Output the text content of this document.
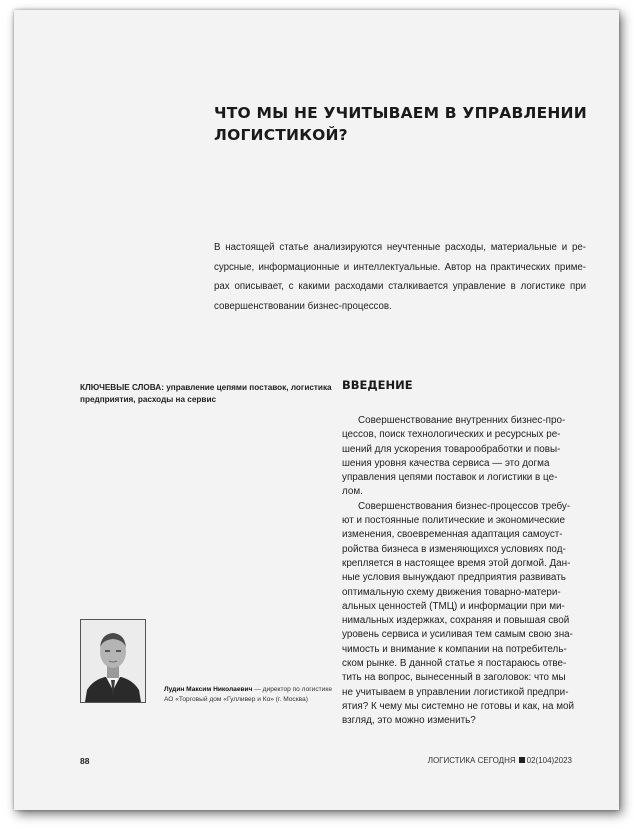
ЧТО МЫ НЕ УЧИТЫВАЕМ В УПРАВЛЕНИИ
ЛОГИСТИКОЙ?
В настоящей статье анализируются неучтенные расходы, материальные и ре-
сурсные, информационные и интеллектуальные. Автор на практических приме-
рах описывает, с какими расходами сталкивается управление в логистике при
совершенствовании бизнес-процессов.
КЛЮЧЕВЫЕ СЛОВА: управление цепями поставок, логистика
предприятия, расходы на сервис
ВВЕДЕНИЕ
Совершенствование внутренних бизнес-про-
цессов, поиск технологических и ресурсных ре-
шений для ускорения товарообработки и повы-
шения уровня качества сервиса — это догма
управления цепями поставок и логистики в це-
лом.
Совершенствования бизнес-процессов требу-
ют и постоянные политические и экономические
изменения, своевременная адаптация самоуст-
ройства бизнеса в изменяющихся условиях под-
крепляется в настоящее время этой догмой. Дан-
ные условия вынуждают предприятия развивать
оптимальную схему движения товарно-матери-
альных ценностей (ТМЦ) и информации при ми-
нимальных издержках, сохраняя и повышая свой
уровень сервиса и усиливая тем самым свою зна-
чимость и внимание к компании на потребитель-
ском рынке. В данной статье я постараюсь отве-
тить на вопрос, вынесенный в заголовок: что мы
не учитываем в управлении логистикой предпри-
ятия? К чему мы системно не готовы и как, на мой
взгляд, это можно изменить?
Лудин Максим Николаевич — директор по логистике
АО «Торговый дом «Гулливер и Ко» (г. Москва)
88	ЛОГИСТИКА СЕГОДНЯ 02(104)2023
